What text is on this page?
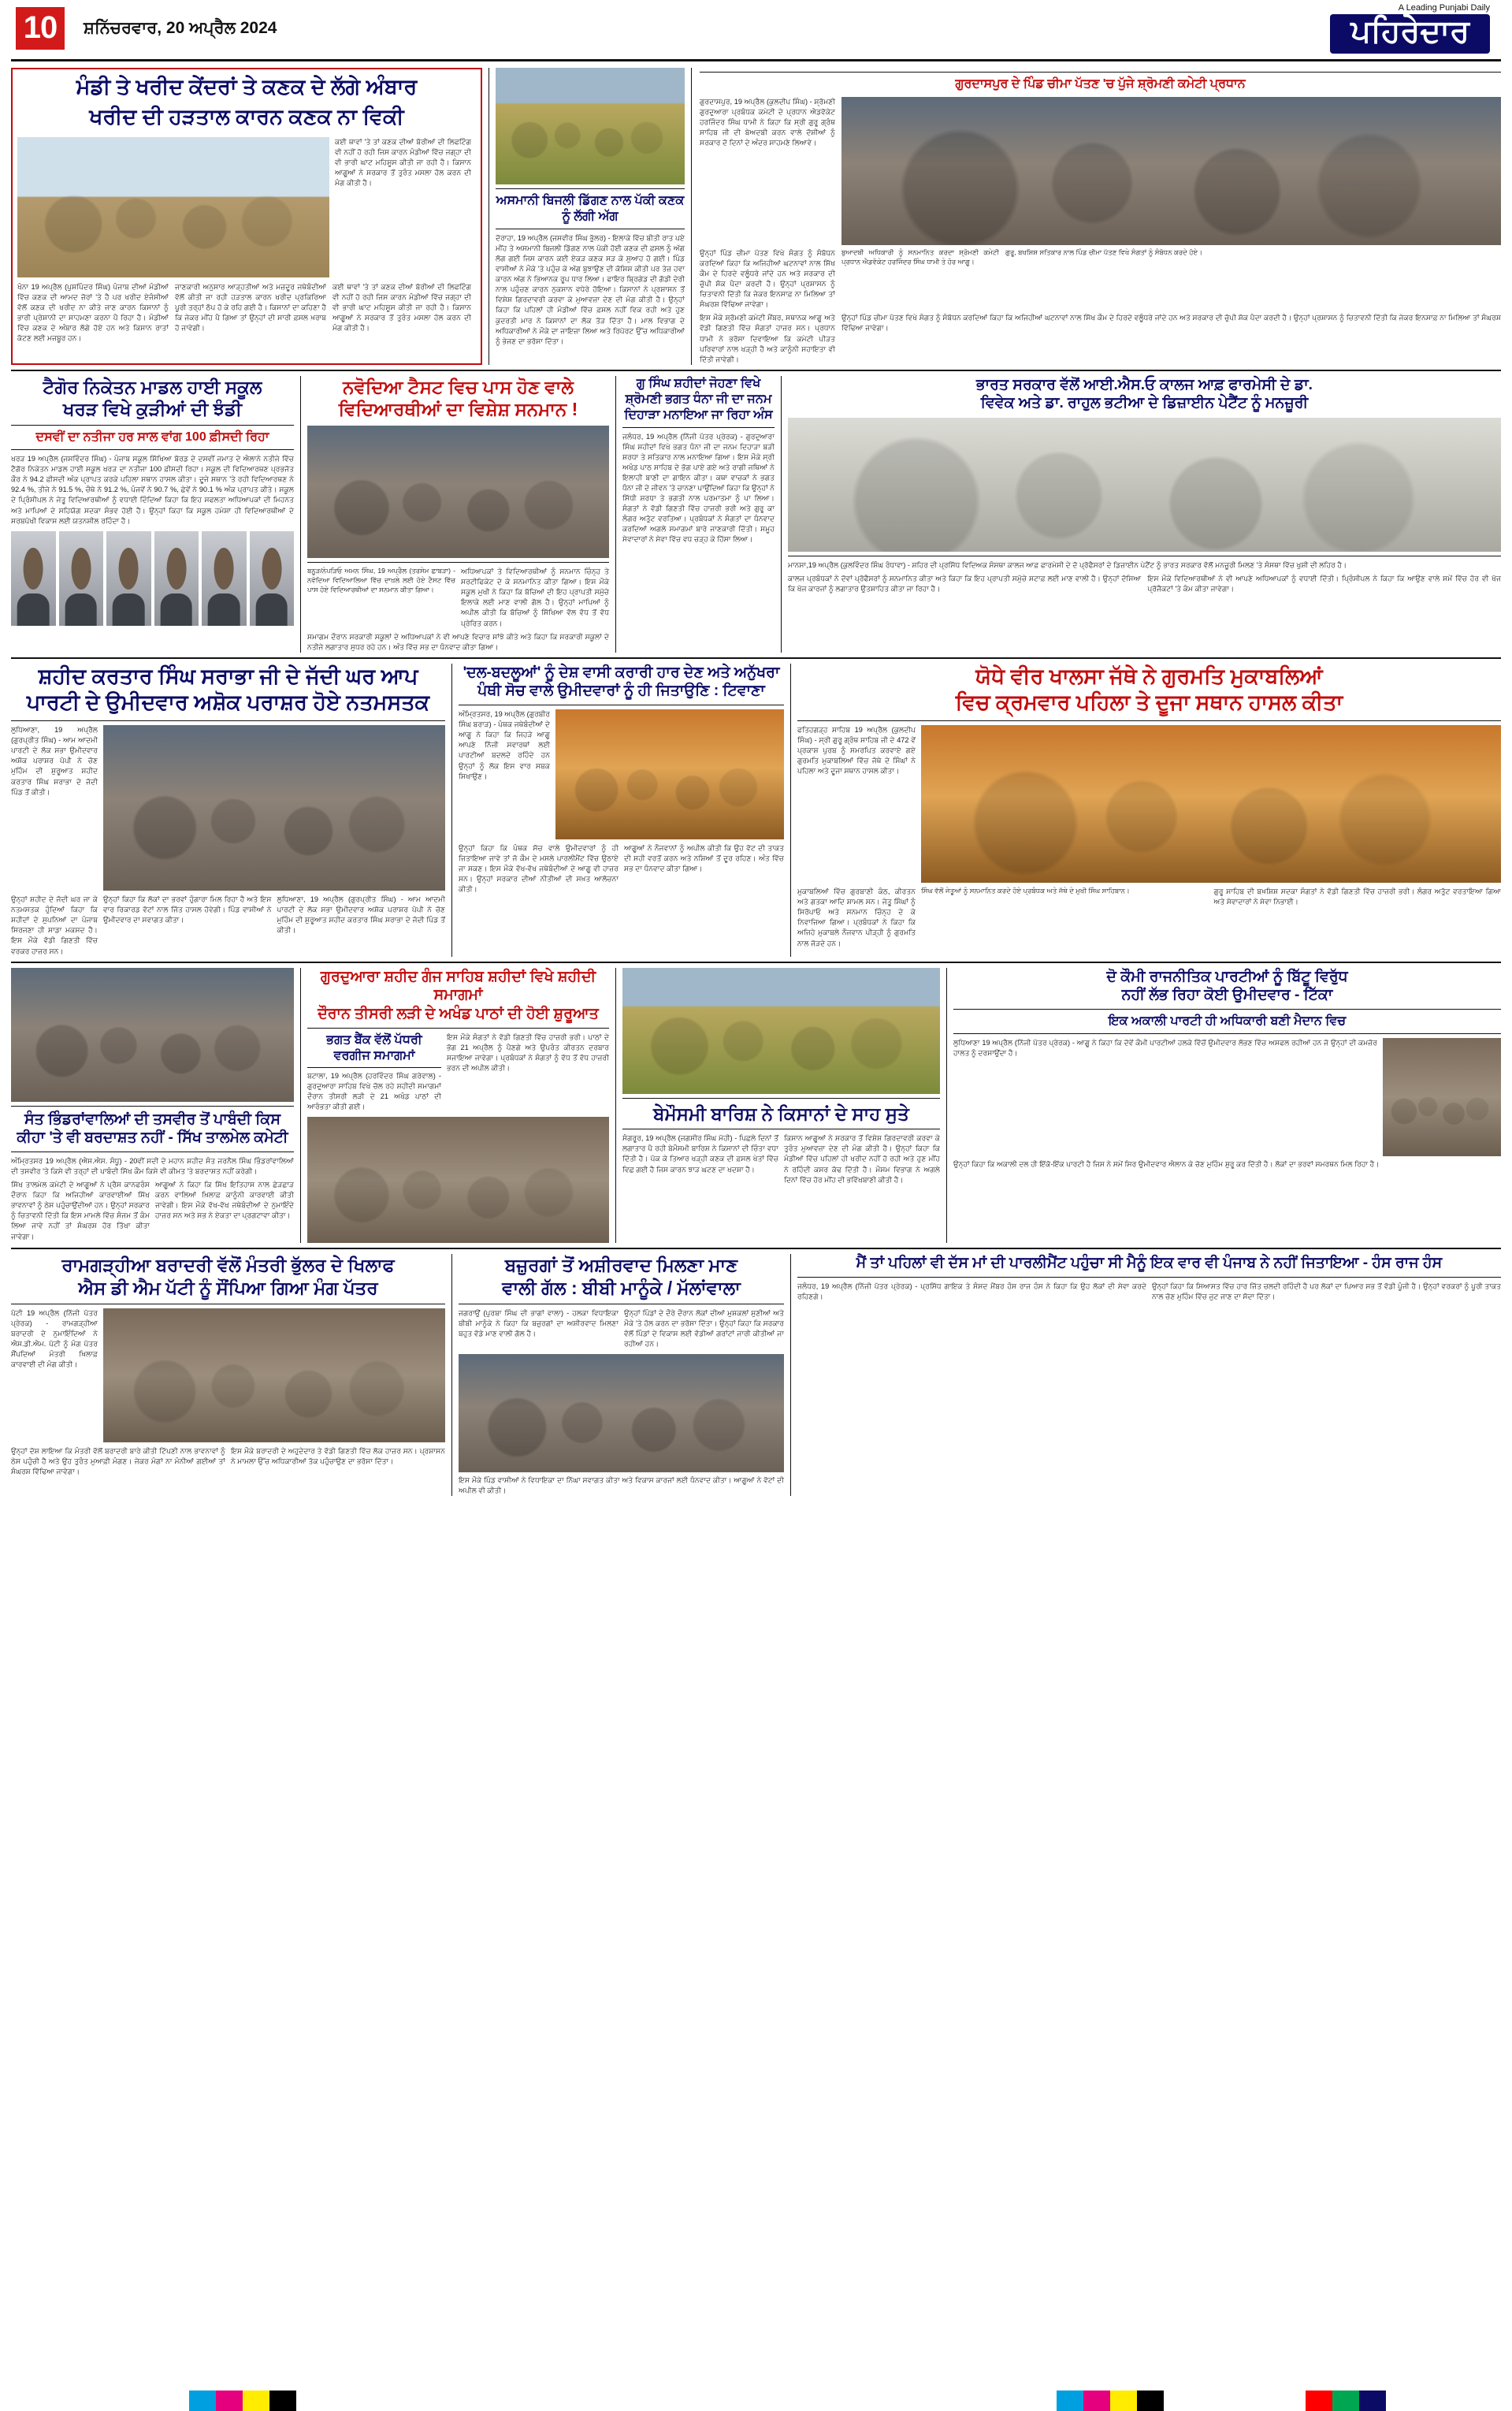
10	ਸ਼ਨਿੱਚਰਵਾਰ, 20 ਅਪ੍ਰੈਲ 2024
A Leading Punjabi Daily
ਪਹਿਰੇਦਾਰ
ਮੰਡੀ ਤੇ ਖਰੀਦ ਕੇਂਦਰਾਂ ਤੇ ਕਣਕ ਦੇ ਲੱਗੇ ਅੰਬਾਰ
ਖਰੀਦ ਦੀ ਹੜਤਾਲ ਕਾਰਨ ਕਣਕ ਨਾ ਵਿਕੀ
ਕਈ ਥਾਵਾਂ 'ਤੇ ਤਾਂ ਕਣਕ ਦੀਆਂ ਬੋਰੀਆਂ ਦੀ ਲਿਫਟਿੰਗ ਵੀ ਨਹੀਂ ਹੋ ਰਹੀ ਜਿਸ ਕਾਰਨ ਮੰਡੀਆਂ ਵਿੱਚ ਜਗ੍ਹਾ ਦੀ ਵੀ ਭਾਰੀ ਘਾਟ ਮਹਿਸੂਸ ਕੀਤੀ ਜਾ ਰਹੀ ਹੈ। ਕਿਸਾਨ ਆਗੂਆਂ ਨੇ ਸਰਕਾਰ ਤੋਂ ਤੁਰੰਤ ਮਸਲਾ ਹੱਲ ਕਰਨ ਦੀ ਮੰਗ ਕੀਤੀ ਹੈ।
ਖੰਨਾ 19 ਅਪ੍ਰੈਲ (ਪੁਸ਼ਪਿੰਦਰ ਸਿੰਘ) ਪੰਜਾਬ ਦੀਆਂ ਮੰਡੀਆਂ ਵਿੱਚ ਕਣਕ ਦੀ ਆਮਦ ਜ਼ੋਰਾਂ 'ਤੇ ਹੈ ਪਰ ਖਰੀਦ ਏਜੰਸੀਆਂ ਵੱਲੋਂ ਕਣਕ ਦੀ ਖਰੀਦ ਨਾ ਕੀਤੇ ਜਾਣ ਕਾਰਨ ਕਿਸਾਨਾਂ ਨੂੰ ਭਾਰੀ ਪ੍ਰੇਸ਼ਾਨੀ ਦਾ ਸਾਹਮਣਾ ਕਰਨਾ ਪੈ ਰਿਹਾ ਹੈ। ਮੰਡੀਆਂ ਵਿੱਚ ਕਣਕ ਦੇ ਅੰਬਾਰ ਲੱਗੇ ਹੋਏ ਹਨ ਅਤੇ ਕਿਸਾਨ ਰਾਤਾਂ ਕੱਟਣ ਲਈ ਮਜਬੂਰ ਹਨ।
ਜਾਣਕਾਰੀ ਅਨੁਸਾਰ ਆੜ੍ਹਤੀਆਂ ਅਤੇ ਮਜ਼ਦੂਰ ਜਥੇਬੰਦੀਆਂ ਵੱਲੋਂ ਕੀਤੀ ਜਾ ਰਹੀ ਹੜਤਾਲ ਕਾਰਨ ਖਰੀਦ ਪ੍ਰਕਿਰਿਆ ਪੂਰੀ ਤਰ੍ਹਾਂ ਠੱਪ ਹੋ ਕੇ ਰਹਿ ਗਈ ਹੈ। ਕਿਸਾਨਾਂ ਦਾ ਕਹਿਣਾ ਹੈ ਕਿ ਜੇਕਰ ਮੀਂਹ ਪੈ ਗਿਆ ਤਾਂ ਉਨ੍ਹਾਂ ਦੀ ਸਾਰੀ ਫ਼ਸਲ ਖ਼ਰਾਬ ਹੋ ਜਾਵੇਗੀ।
ਕਈ ਥਾਵਾਂ 'ਤੇ ਤਾਂ ਕਣਕ ਦੀਆਂ ਬੋਰੀਆਂ ਦੀ ਲਿਫਟਿੰਗ ਵੀ ਨਹੀਂ ਹੋ ਰਹੀ ਜਿਸ ਕਾਰਨ ਮੰਡੀਆਂ ਵਿੱਚ ਜਗ੍ਹਾ ਦੀ ਵੀ ਭਾਰੀ ਘਾਟ ਮਹਿਸੂਸ ਕੀਤੀ ਜਾ ਰਹੀ ਹੈ। ਕਿਸਾਨ ਆਗੂਆਂ ਨੇ ਸਰਕਾਰ ਤੋਂ ਤੁਰੰਤ ਮਸਲਾ ਹੱਲ ਕਰਨ ਦੀ ਮੰਗ ਕੀਤੀ ਹੈ।
ਅਸਮਾਨੀ ਬਿਜਲੀ ਡਿੱਗਣ ਨਾਲ ਪੱਕੀ ਕਣਕ ਨੂੰ ਲੱਗੀ ਅੱਗ
ਦੋਰਾਹਾ, 19 ਅਪ੍ਰੈਲ (ਜਸਵੀਰ ਸਿੰਘ ਭੁੱਲਰ) - ਇਲਾਕੇ ਵਿੱਚ ਬੀਤੀ ਰਾਤ ਪਏ ਮੀਂਹ ਤੇ ਅਸਮਾਨੀ ਬਿਜਲੀ ਡਿੱਗਣ ਨਾਲ ਪੱਕੀ ਹੋਈ ਕਣਕ ਦੀ ਫ਼ਸਲ ਨੂੰ ਅੱਗ ਲੱਗ ਗਈ ਜਿਸ ਕਾਰਨ ਕਈ ਏਕੜ ਕਣਕ ਸੜ ਕੇ ਸੁਆਹ ਹੋ ਗਈ। ਪਿੰਡ ਵਾਸੀਆਂ ਨੇ ਮੌਕੇ 'ਤੇ ਪਹੁੰਚ ਕੇ ਅੱਗ ਬੁਝਾਉਣ ਦੀ ਕੋਸ਼ਿਸ਼ ਕੀਤੀ ਪਰ ਤੇਜ਼ ਹਵਾ ਕਾਰਨ ਅੱਗ ਨੇ ਭਿਆਨਕ ਰੂਪ ਧਾਰ ਲਿਆ। ਫਾਇਰ ਬ੍ਰਿਗੇਡ ਦੀ ਗੱਡੀ ਦੇਰੀ ਨਾਲ ਪਹੁੰਚਣ ਕਾਰਨ ਨੁਕਸਾਨ ਵਧੇਰੇ ਹੋਇਆ। ਕਿਸਾਨਾਂ ਨੇ ਪ੍ਰਸ਼ਾਸਨ ਤੋਂ ਵਿਸ਼ੇਸ਼ ਗਿਰਦਾਵਰੀ ਕਰਵਾ ਕੇ ਮੁਆਵਜ਼ਾ ਦੇਣ ਦੀ ਮੰਗ ਕੀਤੀ ਹੈ। ਉਨ੍ਹਾਂ ਕਿਹਾ ਕਿ ਪਹਿਲਾਂ ਹੀ ਮੰਡੀਆਂ ਵਿੱਚ ਫ਼ਸਲ ਨਹੀਂ ਵਿਕ ਰਹੀ ਅਤੇ ਹੁਣ ਕੁਦਰਤੀ ਮਾਰ ਨੇ ਕਿਸਾਨਾਂ ਦਾ ਲੱਕ ਤੋੜ ਦਿੱਤਾ ਹੈ। ਮਾਲ ਵਿਭਾਗ ਦੇ ਅਧਿਕਾਰੀਆਂ ਨੇ ਮੌਕੇ ਦਾ ਜਾਇਜ਼ਾ ਲਿਆ ਅਤੇ ਰਿਪੋਰਟ ਉੱਚ ਅਧਿਕਾਰੀਆਂ ਨੂੰ ਭੇਜਣ ਦਾ ਭਰੋਸਾ ਦਿੱਤਾ।
ਗੁਰਦਾਸਪੁਰ ਦੇ ਪਿੰਡ ਚੀਮਾ ਪੱਤਣ 'ਚ ਪੁੱਜੇ ਸ਼੍ਰੋਮਣੀ ਕਮੇਟੀ ਪ੍ਰਧਾਨ
ਗੁਰਦਾਸਪੁਰ, 19 ਅਪ੍ਰੈਲ (ਕੁਲਦੀਪ ਸਿੰਘ) - ਸ਼੍ਰੋਮਣੀ ਗੁਰਦੁਆਰਾ ਪ੍ਰਬੰਧਕ ਕਮੇਟੀ ਦੇ ਪ੍ਰਧਾਨ ਐਡਵੋਕੇਟ ਹਰਜਿੰਦਰ ਸਿੰਘ ਧਾਮੀ ਨੇ ਕਿਹਾ ਕਿ ਸ੍ਰੀ ਗੁਰੂ ਗ੍ਰੰਥ ਸਾਹਿਬ ਜੀ ਦੀ ਬੇਅਦਬੀ ਕਰਨ ਵਾਲੇ ਦੋਸ਼ੀਆਂ ਨੂੰ ਸਰਕਾਰ ਦੋ ਦਿਨਾਂ ਦੇ ਅੰਦਰ ਸਾਹਮਣੇ ਲਿਆਵੇ।
ਉਨ੍ਹਾਂ ਪਿੰਡ ਚੀਮਾ ਪੱਤਣ ਵਿਖੇ ਸੰਗਤ ਨੂੰ ਸੰਬੋਧਨ ਕਰਦਿਆਂ ਕਿਹਾ ਕਿ ਅਜਿਹੀਆਂ ਘਟਨਾਵਾਂ ਨਾਲ ਸਿੱਖ ਕੌਮ ਦੇ ਹਿਰਦੇ ਵਲੂੰਧਰੇ ਜਾਂਦੇ ਹਨ ਅਤੇ ਸਰਕਾਰ ਦੀ ਚੁੱਪੀ ਸ਼ੱਕ ਪੈਦਾ ਕਰਦੀ ਹੈ। ਉਨ੍ਹਾਂ ਪ੍ਰਸ਼ਾਸਨ ਨੂੰ ਚਿਤਾਵਨੀ ਦਿੱਤੀ ਕਿ ਜੇਕਰ ਇਨਸਾਫ਼ ਨਾ ਮਿਲਿਆ ਤਾਂ ਸੰਘਰਸ਼ ਵਿੱਢਿਆ ਜਾਵੇਗਾ।
ਬੁਆਦਬੀ ਅਧਿਕਾਰੀ ਨੂੰ ਸਨਮਾਨਿਤ ਕਰਦਾ ਸ਼੍ਰੋਮਣੀ ਕਮੇਟੀ ਪ੍ਰਧਾਨ ਐਡਵੋਕੇਟ ਹਰਜਿੰਦਰ ਸਿੰਘ ਧਾਮੀ ਤੇ ਹੋਰ ਆਗੂ।
ਗੁਰੂ, ਬਖਸ਼ਿਸ਼ ਸਤਿਕਾਰ ਨਾਲ ਪਿੰਡ ਚੀਮਾ ਪੱਤਣ ਵਿਖੇ ਸੰਗਤਾਂ ਨੂੰ ਸੰਬੋਧਨ ਕਰਦੇ ਹੋਏ।
ਇਸ ਮੌਕੇ ਸ਼੍ਰੋਮਣੀ ਕਮੇਟੀ ਮੈਂਬਰ, ਸਥਾਨਕ ਆਗੂ ਅਤੇ ਵੱਡੀ ਗਿਣਤੀ ਵਿੱਚ ਸੰਗਤਾਂ ਹਾਜ਼ਰ ਸਨ। ਪ੍ਰਧਾਨ ਧਾਮੀ ਨੇ ਭਰੋਸਾ ਦਿਵਾਇਆ ਕਿ ਕਮੇਟੀ ਪੀੜਤ ਪਰਿਵਾਰਾਂ ਨਾਲ ਖੜ੍ਹੀ ਹੈ ਅਤੇ ਕਾਨੂੰਨੀ ਸਹਾਇਤਾ ਵੀ ਦਿੱਤੀ ਜਾਵੇਗੀ।
ਉਨ੍ਹਾਂ ਪਿੰਡ ਚੀਮਾ ਪੱਤਣ ਵਿਖੇ ਸੰਗਤ ਨੂੰ ਸੰਬੋਧਨ ਕਰਦਿਆਂ ਕਿਹਾ ਕਿ ਅਜਿਹੀਆਂ ਘਟਨਾਵਾਂ ਨਾਲ ਸਿੱਖ ਕੌਮ ਦੇ ਹਿਰਦੇ ਵਲੂੰਧਰੇ ਜਾਂਦੇ ਹਨ ਅਤੇ ਸਰਕਾਰ ਦੀ ਚੁੱਪੀ ਸ਼ੱਕ ਪੈਦਾ ਕਰਦੀ ਹੈ। ਉਨ੍ਹਾਂ ਪ੍ਰਸ਼ਾਸਨ ਨੂੰ ਚਿਤਾਵਨੀ ਦਿੱਤੀ ਕਿ ਜੇਕਰ ਇਨਸਾਫ਼ ਨਾ ਮਿਲਿਆ ਤਾਂ ਸੰਘਰਸ਼ ਵਿੱਢਿਆ ਜਾਵੇਗਾ।
ਟੈਗੋਰ ਨਿਕੇਤਨ ਮਾਡਲ ਹਾਈ ਸਕੂਲ
ਖਰੜ ਵਿਖੇ ਕੁੜੀਆਂ ਦੀ ਝੰਡੀ
ਦਸਵੀਂ ਦਾ ਨਤੀਜਾ ਹਰ ਸਾਲ ਵਾਂਗ 100 ਫ਼ੀਸਦੀ ਰਿਹਾ
ਖਰੜ 19 ਅਪ੍ਰੈਲ (ਜਸਵਿੰਦਰ ਸਿੰਘ) - ਪੰਜਾਬ ਸਕੂਲ ਸਿੱਖਿਆ ਬੋਰਡ ਦੇ ਦਸਵੀਂ ਜਮਾਤ ਦੇ ਐਲਾਨੇ ਨਤੀਜੇ ਵਿੱਚ ਟੈਗੋਰ ਨਿਕੇਤਨ ਮਾਡਲ ਹਾਈ ਸਕੂਲ ਖਰੜ ਦਾ ਨਤੀਜਾ 100 ਫ਼ੀਸਦੀ ਰਿਹਾ। ਸਕੂਲ ਦੀ ਵਿਦਿਆਰਥਣ ਪ੍ਰਭਜੋਤ ਕੌਰ ਨੇ 94.2 ਫ਼ੀਸਦੀ ਅੰਕ ਪ੍ਰਾਪਤ ਕਰਕੇ ਪਹਿਲਾ ਸਥਾਨ ਹਾਸਲ ਕੀਤਾ। ਦੂਜੇ ਸਥਾਨ 'ਤੇ ਰਹੀ ਵਿਦਿਆਰਥਣ ਨੇ 92.4 %, ਤੀਜੇ ਨੇ 91.5 %, ਚੌਥੇ ਨੇ 91.2 %, ਪੰਜਵੇਂ ਨੇ 90.7 %, ਛੇਵੇਂ ਨੇ 90.1 % ਅੰਕ ਪ੍ਰਾਪਤ ਕੀਤੇ। ਸਕੂਲ ਦੇ ਪ੍ਰਿੰਸੀਪਲ ਨੇ ਜੇਤੂ ਵਿਦਿਆਰਥੀਆਂ ਨੂੰ ਵਧਾਈ ਦਿੰਦਿਆਂ ਕਿਹਾ ਕਿ ਇਹ ਸਫਲਤਾ ਅਧਿਆਪਕਾਂ ਦੀ ਮਿਹਨਤ ਅਤੇ ਮਾਪਿਆਂ ਦੇ ਸਹਿਯੋਗ ਸਦਕਾ ਸੰਭਵ ਹੋਈ ਹੈ। ਉਨ੍ਹਾਂ ਕਿਹਾ ਕਿ ਸਕੂਲ ਹਮੇਸ਼ਾ ਹੀ ਵਿਦਿਆਰਥੀਆਂ ਦੇ ਸਰਬਪੱਖੀ ਵਿਕਾਸ ਲਈ ਯਤਨਸ਼ੀਲ ਰਹਿੰਦਾ ਹੈ।
ਨਵੋਦਿਆ ਟੈਸਟ ਵਿਚ ਪਾਸ ਹੋਣ ਵਾਲੇ
ਵਿਦਿਆਰਥੀਆਂ ਦਾ ਵਿਸ਼ੇਸ਼ ਸਨਮਾਨ !
ਬਨੂੜ/ਨੇਪੜਿਓ ਅਮਨ ਸਿੰਘ, 19 ਅਪ੍ਰੈਲ (ਤਰਸੇਮ ਛਾਬੜਾ) - ਨਵੋਦਿਆ ਵਿਦਿਆਲਿਆ ਵਿੱਚ ਦਾਖ਼ਲੇ ਲਈ ਹੋਏ ਟੈਸਟ ਵਿੱਚ ਪਾਸ ਹੋਏ ਵਿਦਿਆਰਥੀਆਂ ਦਾ ਸਨਮਾਨ ਕੀਤਾ ਗਿਆ।
ਅਧਿਆਪਕਾਂ ਤੇ ਵਿਦਿਆਰਥੀਆਂ ਨੂੰ ਸਨਮਾਨ ਚਿੰਨ੍ਹ ਤੇ ਸਰਟੀਫਿਕੇਟ ਦੇ ਕੇ ਸਨਮਾਨਿਤ ਕੀਤਾ ਗਿਆ। ਇਸ ਮੌਕੇ ਸਕੂਲ ਮੁਖੀ ਨੇ ਕਿਹਾ ਕਿ ਬੱਚਿਆਂ ਦੀ ਇਹ ਪ੍ਰਾਪਤੀ ਸਮੁੱਚੇ ਇਲਾਕੇ ਲਈ ਮਾਣ ਵਾਲੀ ਗੱਲ ਹੈ। ਉਨ੍ਹਾਂ ਮਾਪਿਆਂ ਨੂੰ ਅਪੀਲ ਕੀਤੀ ਕਿ ਬੱਚਿਆਂ ਨੂੰ ਸਿੱਖਿਆ ਵੱਲ ਵੱਧ ਤੋਂ ਵੱਧ ਪ੍ਰੇਰਿਤ ਕਰਨ।
ਸਮਾਗਮ ਦੌਰਾਨ ਸਰਕਾਰੀ ਸਕੂਲਾਂ ਦੇ ਅਧਿਆਪਕਾਂ ਨੇ ਵੀ ਆਪਣੇ ਵਿਚਾਰ ਸਾਂਝੇ ਕੀਤੇ ਅਤੇ ਕਿਹਾ ਕਿ ਸਰਕਾਰੀ ਸਕੂਲਾਂ ਦੇ ਨਤੀਜੇ ਲਗਾਤਾਰ ਸੁਧਰ ਰਹੇ ਹਨ। ਅੰਤ ਵਿੱਚ ਸਭ ਦਾ ਧੰਨਵਾਦ ਕੀਤਾ ਗਿਆ।
ਗੁ ਸਿੰਘ ਸ਼ਹੀਦਾਂ ਜੋਹਣਾ ਵਿਖੇ
ਸ਼੍ਰੋਮਣੀ ਭਗਤ ਧੰਨਾ ਜੀ ਦਾ ਜਨਮ
ਦਿਹਾੜਾ ਮਨਾਇਆ ਜਾ ਰਿਹਾ ਅੰਸ
ਜਲੰਧਰ, 19 ਅਪ੍ਰੈਲ (ਨਿੱਜੀ ਪੱਤਰ ਪ੍ਰੇਰਕ) - ਗੁਰਦੁਆਰਾ ਸਿੰਘ ਸ਼ਹੀਦਾਂ ਵਿਖੇ ਭਗਤ ਧੰਨਾ ਜੀ ਦਾ ਜਨਮ ਦਿਹਾੜਾ ਬੜੀ ਸ਼ਰਧਾ ਤੇ ਸਤਿਕਾਰ ਨਾਲ ਮਨਾਇਆ ਗਿਆ। ਇਸ ਮੌਕੇ ਸ੍ਰੀ ਅਖੰਡ ਪਾਠ ਸਾਹਿਬ ਦੇ ਭੋਗ ਪਾਏ ਗਏ ਅਤੇ ਰਾਗੀ ਜਥਿਆਂ ਨੇ ਇਲਾਹੀ ਬਾਣੀ ਦਾ ਗਾਇਨ ਕੀਤਾ। ਕਥਾ ਵਾਚਕਾਂ ਨੇ ਭਗਤ ਧੰਨਾ ਜੀ ਦੇ ਜੀਵਨ 'ਤੇ ਚਾਨਣਾ ਪਾਉਂਦਿਆਂ ਕਿਹਾ ਕਿ ਉਨ੍ਹਾਂ ਨੇ ਸਿੱਧੀ ਸ਼ਰਧਾ ਤੇ ਭਗਤੀ ਨਾਲ ਪਰਮਾਤਮਾ ਨੂੰ ਪਾ ਲਿਆ। ਸੰਗਤਾਂ ਨੇ ਵੱਡੀ ਗਿਣਤੀ ਵਿੱਚ ਹਾਜ਼ਰੀ ਭਰੀ ਅਤੇ ਗੁਰੂ ਕਾ ਲੰਗਰ ਅਤੁੱਟ ਵਰਤਿਆ। ਪ੍ਰਬੰਧਕਾਂ ਨੇ ਸੰਗਤਾਂ ਦਾ ਧੰਨਵਾਦ ਕਰਦਿਆਂ ਅਗਲੇ ਸਮਾਗਮਾਂ ਬਾਰੇ ਜਾਣਕਾਰੀ ਦਿੱਤੀ। ਸਮੂਹ ਸੇਵਾਦਾਰਾਂ ਨੇ ਸੇਵਾ ਵਿੱਚ ਵਧ ਚੜ੍ਹ ਕੇ ਹਿੱਸਾ ਲਿਆ।
ਭਾਰਤ ਸਰਕਾਰ ਵੱਲੋਂ ਆਈ.ਐਸ.ਓ ਕਾਲਜ ਆਫ਼ ਫਾਰਮੇਸੀ ਦੇ ਡਾ.
ਵਿਵੇਕ ਅਤੇ ਡਾ. ਰਾਹੁਲ ਭਟੀਆ ਦੇ ਡਿਜ਼ਾਈਨ ਪੇਟੈਂਟ ਨੂੰ ਮਨਜ਼ੂਰੀ
ਮਾਨਸਾ,19 ਅਪ੍ਰੈਲ (ਕੁਲਵਿੰਦਰ ਸਿੰਘ ਰੰਧਾਵਾ) - ਸ਼ਹਿਰ ਦੀ ਪ੍ਰਸਿੱਧ ਵਿਦਿਅਕ ਸੰਸਥਾ ਕਾਲਜ ਆਫ਼ ਫਾਰਮੇਸੀ ਦੇ ਦੋ ਪ੍ਰੋਫੈਸਰਾਂ ਦੇ ਡਿਜ਼ਾਈਨ ਪੇਟੈਂਟ ਨੂੰ ਭਾਰਤ ਸਰਕਾਰ ਵੱਲੋਂ ਮਨਜ਼ੂਰੀ ਮਿਲਣ 'ਤੇ ਸੰਸਥਾ ਵਿੱਚ ਖੁਸ਼ੀ ਦੀ ਲਹਿਰ ਹੈ।
ਕਾਲਜ ਪ੍ਰਬੰਧਕਾਂ ਨੇ ਦੋਵਾਂ ਪ੍ਰੋਫੈਸਰਾਂ ਨੂੰ ਸਨਮਾਨਿਤ ਕੀਤਾ ਅਤੇ ਕਿਹਾ ਕਿ ਇਹ ਪ੍ਰਾਪਤੀ ਸਮੁੱਚੇ ਸਟਾਫ਼ ਲਈ ਮਾਣ ਵਾਲੀ ਹੈ। ਉਨ੍ਹਾਂ ਦੱਸਿਆ ਕਿ ਖੋਜ ਕਾਰਜਾਂ ਨੂੰ ਲਗਾਤਾਰ ਉਤਸ਼ਾਹਿਤ ਕੀਤਾ ਜਾ ਰਿਹਾ ਹੈ।
ਇਸ ਮੌਕੇ ਵਿਦਿਆਰਥੀਆਂ ਨੇ ਵੀ ਆਪਣੇ ਅਧਿਆਪਕਾਂ ਨੂੰ ਵਧਾਈ ਦਿੱਤੀ। ਪ੍ਰਿੰਸੀਪਲ ਨੇ ਕਿਹਾ ਕਿ ਆਉਣ ਵਾਲੇ ਸਮੇਂ ਵਿੱਚ ਹੋਰ ਵੀ ਖੋਜ ਪ੍ਰੋਜੈਕਟਾਂ 'ਤੇ ਕੰਮ ਕੀਤਾ ਜਾਵੇਗਾ।
ਸ਼ਹੀਦ ਕਰਤਾਰ ਸਿੰਘ ਸਰਾਭਾ ਜੀ ਦੇ ਜੱਦੀ ਘਰ ਆਪ
ਪਾਰਟੀ ਦੇ ਉਮੀਦਵਾਰ ਅਸ਼ੋਕ ਪਰਾਸ਼ਰ ਹੋਏ ਨਤਮਸਤਕ
ਲੁਧਿਆਣਾ, 19 ਅਪ੍ਰੈਲ (ਗੁਰਪ੍ਰੀਤ ਸਿੰਘ) - ਆਮ ਆਦਮੀ ਪਾਰਟੀ ਦੇ ਲੋਕ ਸਭਾ ਉਮੀਦਵਾਰ ਅਸ਼ੋਕ ਪਰਾਸ਼ਰ ਪੱਪੀ ਨੇ ਚੋਣ ਮੁਹਿੰਮ ਦੀ ਸ਼ੁਰੂਆਤ ਸ਼ਹੀਦ ਕਰਤਾਰ ਸਿੰਘ ਸਰਾਭਾ ਦੇ ਜੱਦੀ ਪਿੰਡ ਤੋਂ ਕੀਤੀ।
ਉਨ੍ਹਾਂ ਸ਼ਹੀਦ ਦੇ ਜੱਦੀ ਘਰ ਜਾ ਕੇ ਨਤਮਸਤਕ ਹੁੰਦਿਆਂ ਕਿਹਾ ਕਿ ਸ਼ਹੀਦਾਂ ਦੇ ਸੁਪਨਿਆਂ ਦਾ ਪੰਜਾਬ ਸਿਰਜਣਾ ਹੀ ਸਾਡਾ ਮਕਸਦ ਹੈ। ਇਸ ਮੌਕੇ ਵੱਡੀ ਗਿਣਤੀ ਵਿੱਚ ਵਰਕਰ ਹਾਜ਼ਰ ਸਨ।
ਉਨ੍ਹਾਂ ਕਿਹਾ ਕਿ ਲੋਕਾਂ ਦਾ ਭਰਵਾਂ ਹੁੰਗਾਰਾ ਮਿਲ ਰਿਹਾ ਹੈ ਅਤੇ ਇਸ ਵਾਰ ਰਿਕਾਰਡ ਵੋਟਾਂ ਨਾਲ ਜਿੱਤ ਹਾਸਲ ਹੋਵੇਗੀ। ਪਿੰਡ ਵਾਸੀਆਂ ਨੇ ਉਮੀਦਵਾਰ ਦਾ ਸਵਾਗਤ ਕੀਤਾ।
ਲੁਧਿਆਣਾ, 19 ਅਪ੍ਰੈਲ (ਗੁਰਪ੍ਰੀਤ ਸਿੰਘ) - ਆਮ ਆਦਮੀ ਪਾਰਟੀ ਦੇ ਲੋਕ ਸਭਾ ਉਮੀਦਵਾਰ ਅਸ਼ੋਕ ਪਰਾਸ਼ਰ ਪੱਪੀ ਨੇ ਚੋਣ ਮੁਹਿੰਮ ਦੀ ਸ਼ੁਰੂਆਤ ਸ਼ਹੀਦ ਕਰਤਾਰ ਸਿੰਘ ਸਰਾਭਾ ਦੇ ਜੱਦੀ ਪਿੰਡ ਤੋਂ ਕੀਤੀ।
'ਦਲ-ਬਦਲੂਆਂ' ਨੂੰ ਦੇਸ਼ ਵਾਸੀ ਕਰਾਰੀ ਹਾਰ ਦੇਣ ਅਤੇ ਅਨੁੱਖਰਾ
ਪੰਥੀ ਸੋਚ ਵਾਲੇ ਉਮੀਦਵਾਰਾਂ ਨੂੰ ਹੀ ਜਿਤਾਉਣਿ : ਟਿਵਾਣਾ
ਅੰਮ੍ਰਿਤਸਰ, 19 ਅਪ੍ਰੈਲ (ਗੁਰਬੀਰ ਸਿੰਘ ਬਰਾੜ) - ਪੰਥਕ ਜਥੇਬੰਦੀਆਂ ਦੇ ਆਗੂ ਨੇ ਕਿਹਾ ਕਿ ਜਿਹੜੇ ਆਗੂ ਆਪਣੇ ਨਿੱਜੀ ਸਵਾਰਥਾਂ ਲਈ ਪਾਰਟੀਆਂ ਬਦਲਦੇ ਰਹਿੰਦੇ ਹਨ ਉਨ੍ਹਾਂ ਨੂੰ ਲੋਕ ਇਸ ਵਾਰ ਸਬਕ ਸਿਖਾਉਣ।
ਉਨ੍ਹਾਂ ਕਿਹਾ ਕਿ ਪੰਥਕ ਸੋਚ ਵਾਲੇ ਉਮੀਦਵਾਰਾਂ ਨੂੰ ਹੀ ਜਿਤਾਇਆ ਜਾਵੇ ਤਾਂ ਜੋ ਕੌਮ ਦੇ ਮਸਲੇ ਪਾਰਲੀਮੈਂਟ ਵਿੱਚ ਉਠਾਏ ਜਾ ਸਕਣ। ਇਸ ਮੌਕੇ ਵੱਖ-ਵੱਖ ਜਥੇਬੰਦੀਆਂ ਦੇ ਆਗੂ ਵੀ ਹਾਜ਼ਰ ਸਨ। ਉਨ੍ਹਾਂ ਸਰਕਾਰ ਦੀਆਂ ਨੀਤੀਆਂ ਦੀ ਸਖ਼ਤ ਆਲੋਚਨਾ ਕੀਤੀ।
ਆਗੂਆਂ ਨੇ ਨੌਜਵਾਨਾਂ ਨੂੰ ਅਪੀਲ ਕੀਤੀ ਕਿ ਉਹ ਵੋਟ ਦੀ ਤਾਕਤ ਦੀ ਸਹੀ ਵਰਤੋਂ ਕਰਨ ਅਤੇ ਨਸ਼ਿਆਂ ਤੋਂ ਦੂਰ ਰਹਿਣ। ਅੰਤ ਵਿੱਚ ਸਭ ਦਾ ਧੰਨਵਾਦ ਕੀਤਾ ਗਿਆ।
ਯੋਧੇ ਵੀਰ ਖਾਲਸਾ ਜੱਥੇ ਨੇ ਗੁਰਮਤਿ ਮੁਕਾਬਲਿਆਂ
ਵਿਚ ਕ੍ਰਮਵਾਰ ਪਹਿਲਾ ਤੇ ਦੂਜਾ ਸਥਾਨ ਹਾਸਲ ਕੀਤਾ
ਫਤਿਹਗੜ੍ਹ ਸਾਹਿਬ 19 ਅਪ੍ਰੈਲ (ਕੁਲਦੀਪ ਸਿੰਘ) - ਸ੍ਰੀ ਗੁਰੂ ਗ੍ਰੰਥ ਸਾਹਿਬ ਜੀ ਦੇ 472 ਵੇਂ ਪ੍ਰਕਾਸ਼ ਪੁਰਬ ਨੂੰ ਸਮਰਪਿਤ ਕਰਵਾਏ ਗਏ ਗੁਰਮਤਿ ਮੁਕਾਬਲਿਆਂ ਵਿੱਚ ਜੱਥੇ ਦੇ ਸਿੰਘਾਂ ਨੇ ਪਹਿਲਾ ਅਤੇ ਦੂਜਾ ਸਥਾਨ ਹਾਸਲ ਕੀਤਾ।
ਮੁਕਾਬਲਿਆਂ ਵਿੱਚ ਗੁਰਬਾਣੀ ਕੰਠ, ਕੀਰਤਨ ਅਤੇ ਗਤਕਾ ਆਦਿ ਸ਼ਾਮਲ ਸਨ। ਜੇਤੂ ਸਿੰਘਾਂ ਨੂੰ ਸਿਰੋਪਾਓ ਅਤੇ ਸਨਮਾਨ ਚਿੰਨ੍ਹ ਦੇ ਕੇ ਨਿਵਾਜਿਆ ਗਿਆ। ਪ੍ਰਬੰਧਕਾਂ ਨੇ ਕਿਹਾ ਕਿ ਅਜਿਹੇ ਮੁਕਾਬਲੇ ਨੌਜਵਾਨ ਪੀੜ੍ਹੀ ਨੂੰ ਗੁਰਮਤਿ ਨਾਲ ਜੋੜਦੇ ਹਨ।
ਸਿੰਘ ਵੱਲੋਂ ਜੇਤੂਆਂ ਨੂੰ ਸਨਮਾਨਿਤ ਕਰਦੇ ਹੋਏ ਪ੍ਰਬੰਧਕ ਅਤੇ ਜੱਥੇ ਦੇ ਮੁਖੀ ਸਿੰਘ ਸਾਹਿਬਾਨ।	ਗੁਰੂ ਸਾਹਿਬ ਦੀ ਬਖ਼ਸ਼ਿਸ਼ ਸਦਕਾ ਸੰਗਤਾਂ ਨੇ ਵੱਡੀ ਗਿਣਤੀ ਵਿੱਚ ਹਾਜ਼ਰੀ ਭਰੀ। ਲੰਗਰ ਅਤੁੱਟ ਵਰਤਾਇਆ ਗਿਆ ਅਤੇ ਸੇਵਾਦਾਰਾਂ ਨੇ ਸੇਵਾ ਨਿਭਾਈ।
ਸੰਤ ਭਿੰਡਰਾਂਵਾਲਿਆਂ ਦੀ ਤਸਵੀਰ ਤੋਂ ਪਾਬੰਦੀ ਕਿਸ
ਕੀਹਾ 'ਤੇ ਵੀ ਬਰਦਾਸ਼ਤ ਨਹੀਂ - ਸਿੱਖ ਤਾਲਮੇਲ ਕਮੇਟੀ
ਅੰਮ੍ਰਿਤਸਰ 19 ਅਪ੍ਰੈਲ (ਐਸ.ਐਸ. ਸੰਧੂ) - 20ਵੀਂ ਸਦੀ ਦੇ ਮਹਾਨ ਸ਼ਹੀਦ ਸੰਤ ਜਰਨੈਲ ਸਿੰਘ ਭਿੰਡਰਾਂਵਾਲਿਆਂ ਦੀ ਤਸਵੀਰ 'ਤੇ ਕਿਸੇ ਵੀ ਤਰ੍ਹਾਂ ਦੀ ਪਾਬੰਦੀ ਸਿੱਖ ਕੌਮ ਕਿਸੇ ਵੀ ਕੀਮਤ 'ਤੇ ਬਰਦਾਸ਼ਤ ਨਹੀਂ ਕਰੇਗੀ।
ਸਿੱਖ ਤਾਲਮੇਲ ਕਮੇਟੀ ਦੇ ਆਗੂਆਂ ਨੇ ਪ੍ਰੈਸ ਕਾਨਫਰੰਸ ਦੌਰਾਨ ਕਿਹਾ ਕਿ ਅਜਿਹੀਆਂ ਕਾਰਵਾਈਆਂ ਸਿੱਖ ਭਾਵਨਾਵਾਂ ਨੂੰ ਠੇਸ ਪਹੁੰਚਾਉਂਦੀਆਂ ਹਨ। ਉਨ੍ਹਾਂ ਸਰਕਾਰ ਨੂੰ ਚਿਤਾਵਨੀ ਦਿੱਤੀ ਕਿ ਇਸ ਮਾਮਲੇ ਵਿੱਚ ਸੰਜਮ ਤੋਂ ਕੰਮ ਲਿਆ ਜਾਵੇ ਨਹੀਂ ਤਾਂ ਸੰਘਰਸ਼ ਹੋਰ ਤਿੱਖਾ ਕੀਤਾ ਜਾਵੇਗਾ।
ਆਗੂਆਂ ਨੇ ਕਿਹਾ ਕਿ ਸਿੱਖ ਇਤਿਹਾਸ ਨਾਲ ਛੇੜਛਾੜ ਕਰਨ ਵਾਲਿਆਂ ਖ਼ਿਲਾਫ਼ ਕਾਨੂੰਨੀ ਕਾਰਵਾਈ ਕੀਤੀ ਜਾਵੇਗੀ। ਇਸ ਮੌਕੇ ਵੱਖ-ਵੱਖ ਜਥੇਬੰਦੀਆਂ ਦੇ ਨੁਮਾਇੰਦੇ ਹਾਜ਼ਰ ਸਨ ਅਤੇ ਸਭ ਨੇ ਏਕਤਾ ਦਾ ਪ੍ਰਗਟਾਵਾ ਕੀਤਾ।
ਗੁਰਦੁਆਰਾ ਸ਼ਹੀਦ ਗੰਜ ਸਾਹਿਬ ਸ਼ਹੀਦਾਂ ਵਿਖੇ ਸ਼ਹੀਦੀ ਸਮਾਗਮਾਂ
ਦੌਰਾਨ ਤੀਸਰੀ ਲੜੀ ਦੇ ਅਖੰਡ ਪਾਠਾਂ ਦੀ ਹੋਈ ਸ਼ੁਰੂਆਤ
ਭਗਤ ਬੈਂਕ ਵੱਲੋਂ ਪੱਧਰੀ
ਵਰਗੀਜ ਸਮਾਗਮਾਂ
ਬਟਾਲਾ, 19 ਅਪ੍ਰੈਲ (ਹਰਵਿੰਦਰ ਸਿੰਘ ਗਰੇਵਾਲ) - ਗੁਰਦੁਆਰਾ ਸਾਹਿਬ ਵਿਖੇ ਚੱਲ ਰਹੇ ਸ਼ਹੀਦੀ ਸਮਾਗਮਾਂ ਦੌਰਾਨ ਤੀਸਰੀ ਲੜੀ ਦੇ 21 ਅਖੰਡ ਪਾਠਾਂ ਦੀ ਆਰੰਭਤਾ ਕੀਤੀ ਗਈ।
ਇਸ ਮੌਕੇ ਸੰਗਤਾਂ ਨੇ ਵੱਡੀ ਗਿਣਤੀ ਵਿੱਚ ਹਾਜ਼ਰੀ ਭਰੀ। ਪਾਠਾਂ ਦੇ ਭੋਗ 21 ਅਪ੍ਰੈਲ ਨੂੰ ਪੈਣਗੇ ਅਤੇ ਉਪਰੰਤ ਕੀਰਤਨ ਦਰਬਾਰ ਸਜਾਇਆ ਜਾਵੇਗਾ। ਪ੍ਰਬੰਧਕਾਂ ਨੇ ਸੰਗਤਾਂ ਨੂੰ ਵੱਧ ਤੋਂ ਵੱਧ ਹਾਜ਼ਰੀ ਭਰਨ ਦੀ ਅਪੀਲ ਕੀਤੀ।
ਬੇਮੌਸਮੀ ਬਾਰਿਸ਼ ਨੇ ਕਿਸਾਨਾਂ ਦੇ ਸਾਹ ਸੁਤੇ
ਸੰਗਰੂਰ, 19 ਅਪ੍ਰੈਲ (ਜਗਸੀਰ ਸਿੰਘ ਮੋਹੀ) - ਪਿਛਲੇ ਦਿਨਾਂ ਤੋਂ ਲਗਾਤਾਰ ਪੈ ਰਹੀ ਬੇਮੌਸਮੀ ਬਾਰਿਸ਼ ਨੇ ਕਿਸਾਨਾਂ ਦੀ ਚਿੰਤਾ ਵਧਾ ਦਿੱਤੀ ਹੈ। ਪੱਕ ਕੇ ਤਿਆਰ ਖੜ੍ਹੀ ਕਣਕ ਦੀ ਫ਼ਸਲ ਖੇਤਾਂ ਵਿੱਚ ਵਿਛ ਗਈ ਹੈ ਜਿਸ ਕਾਰਨ ਝਾੜ ਘਟਣ ਦਾ ਖਦਸ਼ਾ ਹੈ।
ਕਿਸਾਨ ਆਗੂਆਂ ਨੇ ਸਰਕਾਰ ਤੋਂ ਵਿਸ਼ੇਸ਼ ਗਿਰਦਾਵਰੀ ਕਰਵਾ ਕੇ ਤੁਰੰਤ ਮੁਆਵਜ਼ਾ ਦੇਣ ਦੀ ਮੰਗ ਕੀਤੀ ਹੈ। ਉਨ੍ਹਾਂ ਕਿਹਾ ਕਿ ਮੰਡੀਆਂ ਵਿੱਚ ਪਹਿਲਾਂ ਹੀ ਖਰੀਦ ਨਹੀਂ ਹੋ ਰਹੀ ਅਤੇ ਹੁਣ ਮੀਂਹ ਨੇ ਰਹਿੰਦੀ ਕਸਰ ਕੱਢ ਦਿੱਤੀ ਹੈ। ਮੌਸਮ ਵਿਭਾਗ ਨੇ ਅਗਲੇ ਦਿਨਾਂ ਵਿੱਚ ਹੋਰ ਮੀਂਹ ਦੀ ਭਵਿੱਖਬਾਣੀ ਕੀਤੀ ਹੈ।
ਦੋ ਕੌਮੀ ਰਾਜਨੀਤਿਕ ਪਾਰਟੀਆਂ ਨੂੰ ਬਿੱਟੂ ਵਿਰੁੱਧ
ਨਹੀਂ ਲੱਭ ਰਿਹਾ ਕੋਈ ਉਮੀਦਵਾਰ - ਟਿੱਕਾ
ਇਕ ਅਕਾਲੀ ਪਾਰਟੀ ਹੀ ਅਧਿਕਾਰੀ ਬਣੀ ਮੈਦਾਨ ਵਿਚ
ਲੁਧਿਆਣਾ 19 ਅਪ੍ਰੈਲ (ਨਿੱਜੀ ਪੱਤਰ ਪ੍ਰੇਰਕ) - ਆਗੂ ਨੇ ਕਿਹਾ ਕਿ ਦੋਵੇਂ ਕੌਮੀ ਪਾਰਟੀਆਂ ਹਲਕੇ ਵਿੱਚੋਂ ਉਮੀਦਵਾਰ ਲੱਭਣ ਵਿੱਚ ਅਸਫਲ ਰਹੀਆਂ ਹਨ ਜੋ ਉਨ੍ਹਾਂ ਦੀ ਕਮਜ਼ੋਰ ਹਾਲਤ ਨੂੰ ਦਰਸਾਉਂਦਾ ਹੈ।
ਉਨ੍ਹਾਂ ਕਿਹਾ ਕਿ ਅਕਾਲੀ ਦਲ ਹੀ ਇੱਕੋ-ਇੱਕ ਪਾਰਟੀ ਹੈ ਜਿਸ ਨੇ ਸਮੇਂ ਸਿਰ ਉਮੀਦਵਾਰ ਐਲਾਨ ਕੇ ਚੋਣ ਮੁਹਿੰਮ ਸ਼ੁਰੂ ਕਰ ਦਿੱਤੀ ਹੈ। ਲੋਕਾਂ ਦਾ ਭਰਵਾਂ ਸਮਰਥਨ ਮਿਲ ਰਿਹਾ ਹੈ।
ਰਾਮਗੜ੍ਹੀਆ ਬਰਾਦਰੀ ਵੱਲੋਂ ਮੰਤਰੀ ਭੁੱਲਰ ਦੇ ਖਿਲਾਫ
ਐਸ ਡੀ ਐਮ ਪੱਟੀ ਨੂੰ ਸੌਂਪਿਆ ਗਿਆ ਮੰਗ ਪੱਤਰ
ਪੱਟੀ 19 ਅਪ੍ਰੈਲ (ਨਿੱਜੀ ਪੱਤਰ ਪ੍ਰੇਰਕ) - ਰਾਮਗੜ੍ਹੀਆ ਬਰਾਦਰੀ ਦੇ ਨੁਮਾਇੰਦਿਆਂ ਨੇ ਐਸ.ਡੀ.ਐਮ. ਪੱਟੀ ਨੂੰ ਮੰਗ ਪੱਤਰ ਸੌਂਪਦਿਆਂ ਮੰਤਰੀ ਖ਼ਿਲਾਫ਼ ਕਾਰਵਾਈ ਦੀ ਮੰਗ ਕੀਤੀ।
ਉਨ੍ਹਾਂ ਦੋਸ਼ ਲਾਇਆ ਕਿ ਮੰਤਰੀ ਵੱਲੋਂ ਬਰਾਦਰੀ ਬਾਰੇ ਕੀਤੀ ਟਿੱਪਣੀ ਨਾਲ ਭਾਵਨਾਵਾਂ ਨੂੰ ਠੇਸ ਪਹੁੰਚੀ ਹੈ ਅਤੇ ਉਹ ਤੁਰੰਤ ਮੁਆਫ਼ੀ ਮੰਗਣ। ਜੇਕਰ ਮੰਗਾਂ ਨਾ ਮੰਨੀਆਂ ਗਈਆਂ ਤਾਂ ਸੰਘਰਸ਼ ਵਿੱਢਿਆ ਜਾਵੇਗਾ।
ਇਸ ਮੌਕੇ ਬਰਾਦਰੀ ਦੇ ਅਹੁਦੇਦਾਰ ਤੇ ਵੱਡੀ ਗਿਣਤੀ ਵਿੱਚ ਲੋਕ ਹਾਜ਼ਰ ਸਨ। ਪ੍ਰਸ਼ਾਸਨ ਨੇ ਮਾਮਲਾ ਉੱਚ ਅਧਿਕਾਰੀਆਂ ਤੱਕ ਪਹੁੰਚਾਉਣ ਦਾ ਭਰੋਸਾ ਦਿੱਤਾ।
ਬਜ਼ੁਰਗਾਂ ਤੋਂ ਅਸ਼ੀਰਵਾਦ ਮਿਲਣਾ ਮਾਣ
ਵਾਲੀ ਗੱਲ : ਬੀਬੀ ਮਾਨੂੰਕੇ / ਮੱਲਾਂਵਾਲਾ
ਜਗਰਾਉਂ (ਪੁਰਬਾ ਸਿੰਘ ਦੀ ਭਾਗਾਂ ਵਾਲਾ) - ਹਲਕਾ ਵਿਧਾਇਕਾ ਬੀਬੀ ਮਾਨੂੰਕੇ ਨੇ ਕਿਹਾ ਕਿ ਬਜ਼ੁਰਗਾਂ ਦਾ ਅਸ਼ੀਰਵਾਦ ਮਿਲਣਾ ਬਹੁਤ ਵੱਡੇ ਮਾਣ ਵਾਲੀ ਗੱਲ ਹੈ।
ਉਨ੍ਹਾਂ ਪਿੰਡਾਂ ਦੇ ਦੌਰੇ ਦੌਰਾਨ ਲੋਕਾਂ ਦੀਆਂ ਮੁਸ਼ਕਲਾਂ ਸੁਣੀਆਂ ਅਤੇ ਮੌਕੇ 'ਤੇ ਹੱਲ ਕਰਨ ਦਾ ਭਰੋਸਾ ਦਿੱਤਾ। ਉਨ੍ਹਾਂ ਕਿਹਾ ਕਿ ਸਰਕਾਰ ਵੱਲੋਂ ਪਿੰਡਾਂ ਦੇ ਵਿਕਾਸ ਲਈ ਵੱਡੀਆਂ ਗਰਾਂਟਾਂ ਜਾਰੀ ਕੀਤੀਆਂ ਜਾ ਰਹੀਆਂ ਹਨ।
ਇਸ ਮੌਕੇ ਪਿੰਡ ਵਾਸੀਆਂ ਨੇ ਵਿਧਾਇਕਾ ਦਾ ਨਿੱਘਾ ਸਵਾਗਤ ਕੀਤਾ ਅਤੇ ਵਿਕਾਸ ਕਾਰਜਾਂ ਲਈ ਧੰਨਵਾਦ ਕੀਤਾ। ਆਗੂਆਂ ਨੇ ਵੋਟਾਂ ਦੀ ਅਪੀਲ ਵੀ ਕੀਤੀ।
ਮੈਂ ਤਾਂ ਪਹਿਲਾਂ ਵੀ ਦੱਸ ਮਾਂ ਦੀ ਪਾਰਲੀਮੈਂਟ ਪਹੁੰਚਾ ਸੀ ਮੈਨੂੰ ਇਕ ਵਾਰ ਵੀ ਪੰਜਾਬ ਨੇ ਨਹੀਂ ਜਿਤਾਇਆ - ਹੰਸ ਰਾਜ ਹੰਸ
ਜਲੰਧਰ, 19 ਅਪ੍ਰੈਲ (ਨਿੱਜੀ ਪੱਤਰ ਪ੍ਰੇਰਕ) - ਪ੍ਰਸਿੱਧ ਗਾਇਕ ਤੇ ਸੰਸਦ ਮੈਂਬਰ ਹੰਸ ਰਾਜ ਹੰਸ ਨੇ ਕਿਹਾ ਕਿ ਉਹ ਲੋਕਾਂ ਦੀ ਸੇਵਾ ਕਰਦੇ ਰਹਿਣਗੇ।
ਉਨ੍ਹਾਂ ਕਿਹਾ ਕਿ ਸਿਆਸਤ ਵਿੱਚ ਹਾਰ ਜਿੱਤ ਚਲਦੀ ਰਹਿੰਦੀ ਹੈ ਪਰ ਲੋਕਾਂ ਦਾ ਪਿਆਰ ਸਭ ਤੋਂ ਵੱਡੀ ਪੂੰਜੀ ਹੈ। ਉਨ੍ਹਾਂ ਵਰਕਰਾਂ ਨੂੰ ਪੂਰੀ ਤਾਕਤ ਨਾਲ ਚੋਣ ਮੁਹਿੰਮ ਵਿੱਚ ਜੁਟ ਜਾਣ ਦਾ ਸੱਦਾ ਦਿੱਤਾ।
